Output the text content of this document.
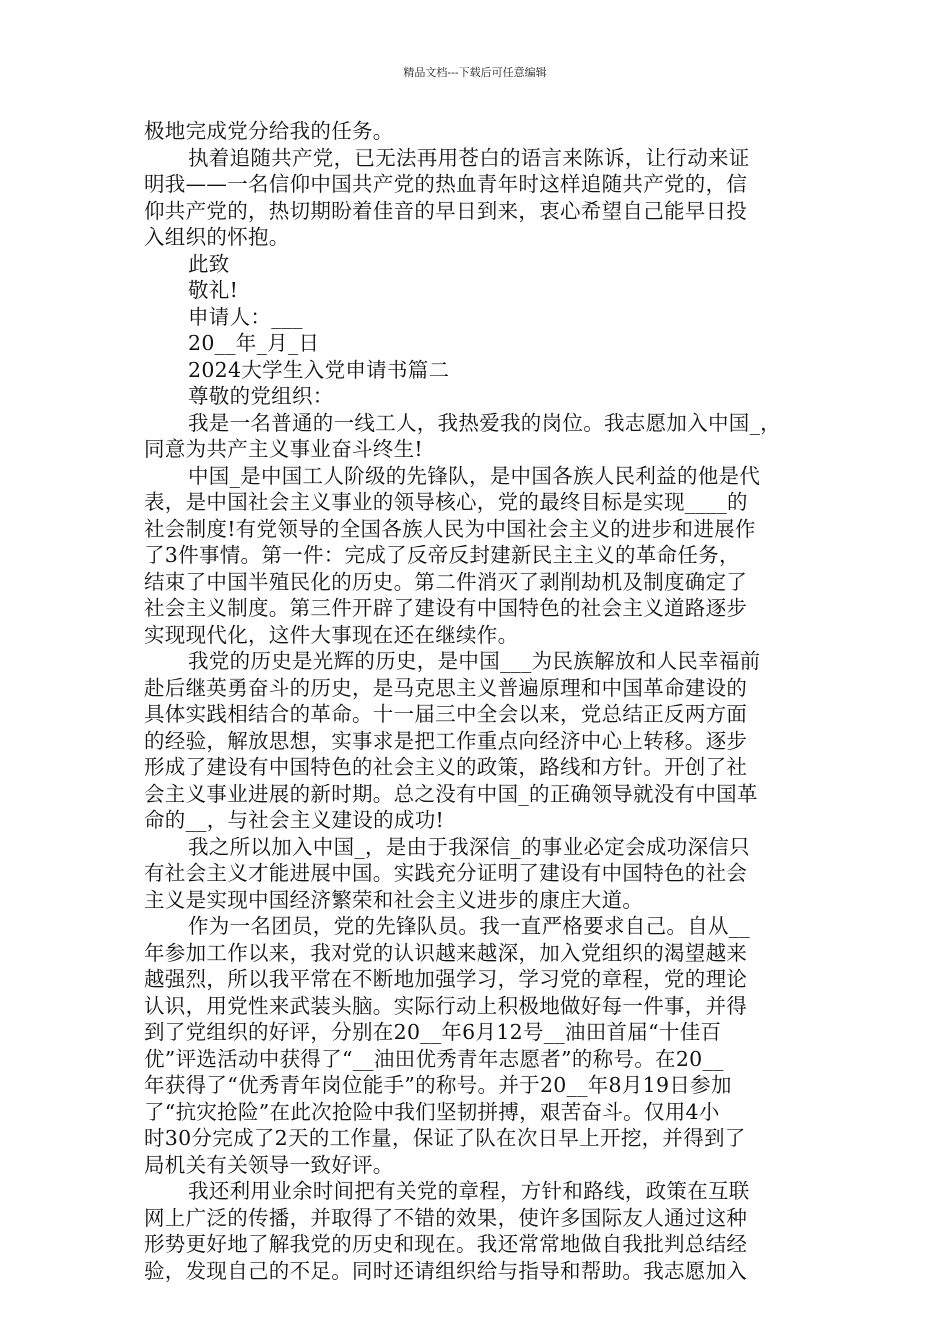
精品文档---下载后可任意编辑
极地完成党分给我的任务。
执着追随共产党，已无法再用苍白的语言来陈诉，让行动来证
明我——一名信仰中国共产党的热血青年时这样追随共产党的，信
仰共产党的，热切期盼着佳音的早日到来，衷心希望自己能早日投
入组织的怀抱。
此致
敬礼!
申请人：___
20__年_月_日
2024大学生入党申请书篇二
尊敬的党组织：
我是一名普通的一线工人，我热爱我的岗位。我志愿加入中国_，
同意为共产主义事业奋斗终生!
中国_是中国工人阶级的先锋队，是中国各族人民利益的他是代
表，是中国社会主义事业的领导核心，党的最终目标是实现____的
社会制度!有党领导的全国各族人民为中国社会主义的进步和进展作
了3件事情。第一件：完成了反帝反封建新民主主义的革命任务，
结束了中国半殖民化的历史。第二件消灭了剥削劫机及制度确定了
社会主义制度。第三件开辟了建设有中国特色的社会主义道路逐步
实现现代化，这件大事现在还在继续作。
我党的历史是光辉的历史，是中国___为民族解放和人民幸福前
赴后继英勇奋斗的历史，是马克思主义普遍原理和中国革命建设的
具体实践相结合的革命。十一届三中全会以来，党总结正反两方面
的经验，解放思想，实事求是把工作重点向经济中心上转移。逐步
形成了建设有中国特色的社会主义的政策，路线和方针。开创了社
会主义事业进展的新时期。总之没有中国_的正确领导就没有中国革
命的__，与社会主义建设的成功!
我之所以加入中国_，是由于我深信_的事业必定会成功深信只
有社会主义才能进展中国。实践充分证明了建设有中国特色的社会
主义是实现中国经济繁荣和社会主义进步的康庄大道。
作为一名团员，党的先锋队员。我一直严格要求自己。自从__
年参加工作以来，我对党的认识越来越深，加入党组织的渴望越来
越强烈，所以我平常在不断地加强学习，学习党的章程，党的理论
认识，用党性来武装头脑。实际行动上积极地做好每一件事，并得
到了党组织的好评，分别在20__年6月12号__油田首届“十佳百
优”评选活动中获得了“__油田优秀青年志愿者”的称号。在20__
年获得了“优秀青年岗位能手”的称号。并于20__年8月19日参加
了“抗灾抢险”在此次抢险中我们坚韧拼搏，艰苦奋斗。仅用4小
时30分完成了2天的工作量，保证了队在次日早上开挖，并得到了
局机关有关领导一致好评。
我还利用业余时间把有关党的章程，方针和路线，政策在互联
网上广泛的传播，并取得了不错的效果，使许多国际友人通过这种
形势更好地了解我党的历史和现在。我还常常地做自我批判总结经
验，发现自己的不足。同时还请组织给与指导和帮助。我志愿加入
